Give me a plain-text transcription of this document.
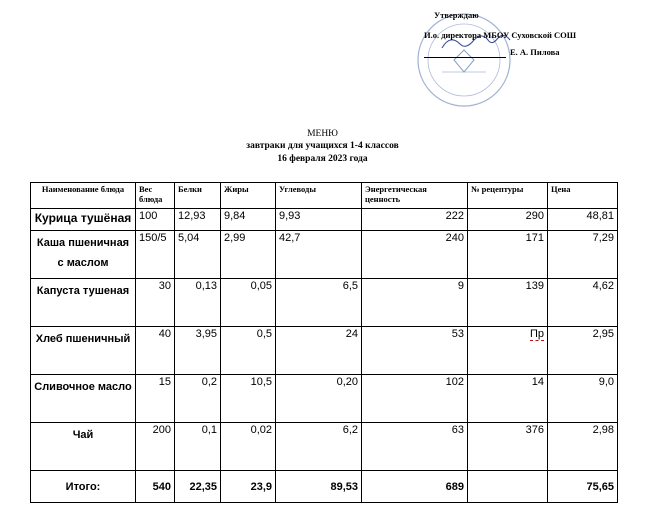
Утверждаю
И.о. директора МБОУ Суховской СОШ
Е. А. Пилова
МЕНЮ
завтраки для учащихся 1-4 классов
16 февраля 2023 года
Наименование блюда	Вес блюда	Белки	Жиры	Углеводы	Энергетическая ценность	№ рецептуры	Цена
Курица тушёная	100	12,93	9,84	9,93	222	290	48,81
Каша пшеничная с маслом	150/5	5,04	2,99	42,7	240	171	7,29
Капуста тушеная	30	0,13	0,05	6,5	9	139	4,62
Хлеб пшеничный	40	3,95	0,5	24	53	Пр	2,95
Сливочное масло	15	0,2	10,5	0,20	102	14	9,0
Чай	200	0,1	0,02	6,2	63	376	2,98
Итого:	540	22,35	23,9	89,53	689		75,65
